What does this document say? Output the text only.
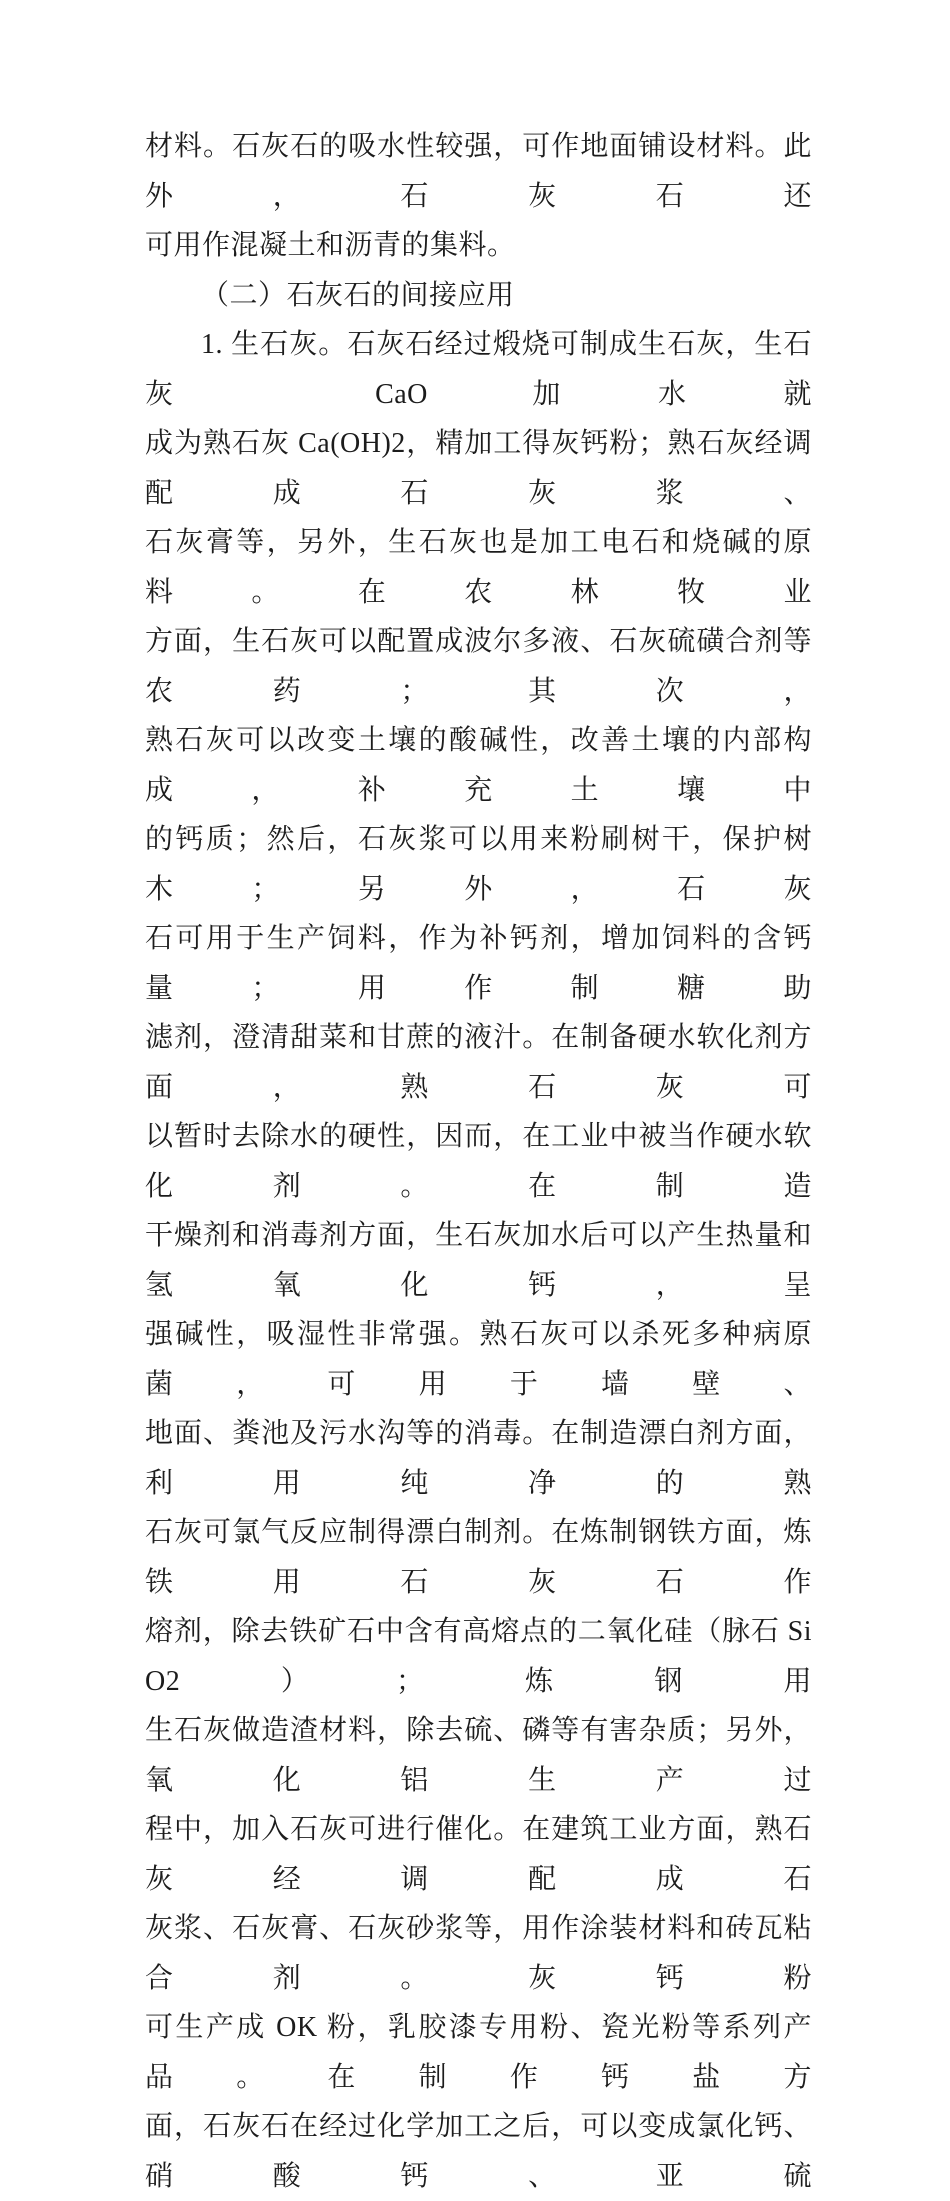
材料。石灰石的吸水性较强，可作地面铺设材料。此外，石灰石还
可用作混凝土和沥青的集料。
（二）石灰石的间接应用
1. 生石灰。石灰石经过煅烧可制成生石灰，生石灰 CaO 加水就
成为熟石灰 Ca(OH)2，精加工得灰钙粉；熟石灰经调配成石灰浆、
石灰膏等，另外，生石灰也是加工电石和烧碱的原料。在农林牧业
方面，生石灰可以配置成波尔多液、石灰硫磺合剂等农药；其次，
熟石灰可以改变土壤的酸碱性，改善土壤的内部构成，补充土壤中
的钙质；然后，石灰浆可以用来粉刷树干，保护树木；另外，石灰
石可用于生产饲料，作为补钙剂，增加饲料的含钙量；用作制糖助
滤剂，澄清甜菜和甘蔗的液汁。在制备硬水软化剂方面，熟石灰可
以暂时去除水的硬性，因而，在工业中被当作硬水软化剂。在制造
干燥剂和消毒剂方面，生石灰加水后可以产生热量和氢氧化钙，呈
强碱性，吸湿性非常强。熟石灰可以杀死多种病原菌，可用于墙壁、
地面、粪池及污水沟等的消毒。在制造漂白剂方面，利用纯净的熟
石灰可氯气反应制得漂白制剂。在炼制钢铁方面，炼铁用石灰石作
熔剂，除去铁矿石中含有高熔点的二氧化硅（脉石 SiO2）；炼钢用
生石灰做造渣材料，除去硫、磷等有害杂质；另外，氧化铝生产过
程中，加入石灰可进行催化。在建筑工业方面，熟石灰经调配成石
灰浆、石灰膏、石灰砂浆等，用作涂装材料和砖瓦粘合剂。灰钙粉
可生产成 OK 粉，乳胶漆专用粉、瓷光粉等系列产品。在制作钙盐方
面，石灰石在经过化学加工之后，可以变成氯化钙、硝酸钙、亚硫
